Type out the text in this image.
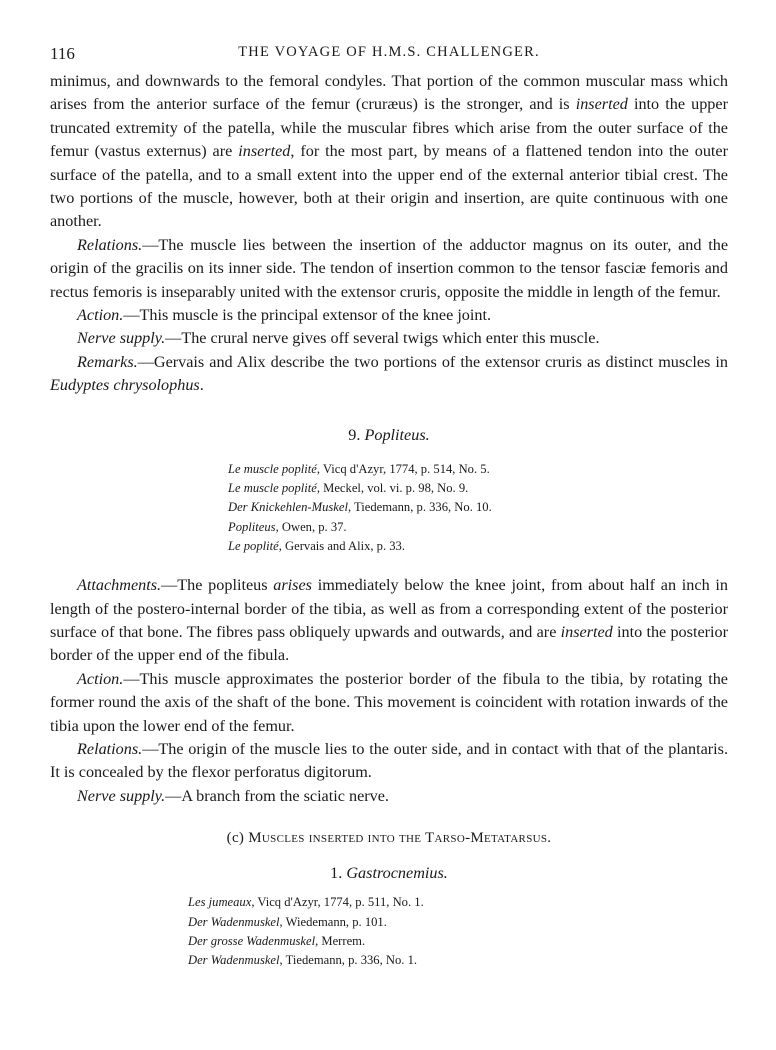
116	THE VOYAGE OF H.M.S. CHALLENGER.

minimus, and downwards to the femoral condyles. That portion of the common muscular mass which arises from the anterior surface of the femur (cruræus) is the stronger, and is inserted into the upper truncated extremity of the patella, while the muscular fibres which arise from the outer surface of the femur (vastus externus) are inserted, for the most part, by means of a flattened tendon into the outer surface of the patella, and to a small extent into the upper end of the external anterior tibial crest. The two portions of the muscle, however, both at their origin and insertion, are quite continuous with one another.

Relations.—The muscle lies between the insertion of the adductor magnus on its outer, and the origin of the gracilis on its inner side. The tendon of insertion common to the tensor fasciæ femoris and rectus femoris is inseparably united with the extensor cruris, opposite the middle in length of the femur.

Action.—This muscle is the principal extensor of the knee joint.

Nerve supply.—The crural nerve gives off several twigs which enter this muscle.

Remarks.—Gervais and Alix describe the two portions of the extensor cruris as distinct muscles in Eudyptes chrysolophus.

9. Popliteus.
Le muscle poplité, Vicq d'Azyr, 1774, p. 514, No. 5.
Le muscle poplité, Meckel, vol. vi. p. 98, No. 9.
Der Knickehlen-Muskel, Tiedemann, p. 336, No. 10.
Popliteus, Owen, p. 37.
Le poplité, Gervais and Alix, p. 33.

Attachments.—The popliteus arises immediately below the knee joint, from about half an inch in length of the postero-internal border of the tibia, as well as from a corresponding extent of the posterior surface of that bone. The fibres pass obliquely upwards and outwards, and are inserted into the posterior border of the upper end of the fibula.

Action.—This muscle approximates the posterior border of the fibula to the tibia, by rotating the former round the axis of the shaft of the bone. This movement is coincident with rotation inwards of the tibia upon the lower end of the femur.

Relations.—The origin of the muscle lies to the outer side, and in contact with that of the plantaris. It is concealed by the flexor perforatus digitorum.

Nerve supply.—A branch from the sciatic nerve.

(c) Muscles inserted into the Tarso-Metatarsus.
1. Gastrocnemius.
Les jumeaux, Vicq d'Azyr, 1774, p. 511, No. 1.
Der Wadenmuskel, Wiedemann, p. 101.
Der grosse Wadenmuskel, Merrem.
Der Wadenmuskel, Tiedemann, p. 336, No. 1.
